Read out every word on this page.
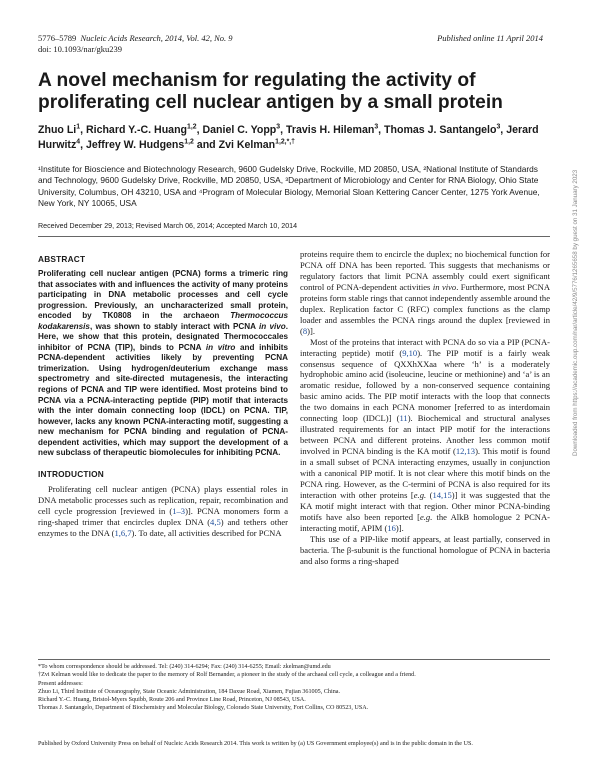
5776–5789 Nucleic Acids Research, 2014, Vol. 42, No. 9
doi: 10.1093/nar/gku239
Published online 11 April 2014
A novel mechanism for regulating the activity of proliferating cell nuclear antigen by a small protein

Zhuo Li$^1$, Richard Y.-C. Huang$^{1,2}$, Daniel C. Yopp$^3$, Travis H. Hileman$^3$, Thomas J. Santangelo$^3$, Jerard Hurwitz$^4$, Jeffrey W. Hudgens$^{1,2}$ and Zvi Kelman$^{1,2,*,\dagger}$

¹Institute for Bioscience and Biotechnology Research, 9600 Gudelsky Drive, Rockville, MD 20850, USA, ²National Institute of Standards and Technology, 9600 Gudelsky Drive, Rockville, MD 20850, USA, ³Department of Microbiology and Center for RNA Biology, Ohio State University, Columbus, OH 43210, USA and ⁴Program of Molecular Biology, Memorial Sloan Kettering Cancer Center, 1275 York Avenue, New York, NY 10065, USA
Received December 29, 2013; Revised March 06, 2014; Accepted March 10, 2014	Downloaded from https://academic.oup.com/nar/article/42/9/5776/1265658 by guest on 31 January 2023

ABSTRACT

Proliferating cell nuclear antigen (PCNA) forms a trimeric ring that associates with and influences the activity of many proteins participating in DNA metabolic processes and cell cycle progression. Previously, an uncharacterized small protein, encoded by TK0808 in the archaeon Thermococcus kodakarensis, was shown to stably interact with PCNA in vivo. Here, we show that this protein, designated Thermococcales inhibitor of PCNA (TIP), binds to PCNA in vitro and inhibits PCNA-dependent activities likely by preventing PCNA trimerization. Using hydrogen/deuterium exchange mass spectrometry and site-directed mutagenesis, the interacting regions of PCNA and TIP were identified. Most proteins bind to PCNA via a PCNA-interacting peptide (PIP) motif that interacts with the inter domain connecting loop (IDCL) on PCNA. TIP, however, lacks any known PCNA-interacting motif, suggesting a new mechanism for PCNA binding and regulation of PCNA-dependent activities, which may support the development of a new subclass of therapeutic biomolecules for inhibiting PCNA.

INTRODUCTION

Proliferating cell nuclear antigen (PCNA) plays essential roles in DNA metabolic processes such as replication, repair, recombination and cell cycle progression [reviewed in (1–3)]. PCNA monomers form a ring-shaped trimer that encircles duplex DNA (4,5) and tethers other enzymes to the DNA (1,6,7). To date, all activities described for PCNA

proteins require them to encircle the duplex; no biochemical function for PCNA off DNA has been reported. This suggests that mechanisms or regulatory factors that limit PCNA assembly could exert significant control of PCNA-dependent activities in vivo. Furthermore, most PCNA proteins form stable rings that cannot independently assemble around the duplex. Replication factor C (RFC) complex functions as the clamp loader and assembles the PCNA rings around the duplex [reviewed in (8)].

Most of the proteins that interact with PCNA do so via a PIP (PCNA-interacting peptide) motif (9,10). The PIP motif is a fairly weak consensus sequence of QXXhXXaa where ‘h’ is a moderately hydrophobic amino acid (isoleucine, leucine or methionine) and ‘a’ is an aromatic residue, followed by a non-conserved sequence containing basic amino acids. The PIP motif interacts with the loop that connects the two domains in each PCNA monomer [referred to as interdomain connecting loop (IDCL)] (11). Biochemical and structural analyses illustrated requirements for an intact PIP motif for the interactions between PCNA and different proteins. Another less common motif involved in PCNA binding is the KA motif (12,13). This motif is found in a small subset of PCNA interacting enzymes, usually in conjunction with a canonical PIP motif. It is not clear where this motif binds on the PCNA ring. However, as the C-termini of PCNA is also required for its interaction with other proteins [e.g. (14,15)] it was suggested that the KA motif might interact with that region. Other minor PCNA-binding motifs have also been reported [e.g. the AlkB homologue 2 PCNA-interacting motif, APIM (16)].

This use of a PIP-like motif appears, at least partially, conserved in bacteria. The β-subunit is the functional homologue of PCNA in bacteria and also forms a ring-shaped

*To whom correspondence should be addressed. Tel: (240) 314-6294; Fax: (240) 314-6255; Email: zkelman@umd.edu

†Zvi Kelman would like to dedicate the paper to the memory of Rolf Bernander, a pioneer in the study of the archaeal cell cycle, a colleague and a friend.

Present addresses:

Zhuo Li, Third Institute of Oceanography, State Oceanic Administration, 184 Daxue Road, Xiamen, Fujian 361005, China.

Richard Y.-C. Huang, Bristol-Myers Squibb, Route 206 and Province Line Road, Princeton, NJ 08543, USA.

Thomas J. Santangelo, Department of Biochemistry and Molecular Biology, Colorado State University, Fort Collins, CO 80523, USA.

Published by Oxford University Press on behalf of Nucleic Acids Research 2014. This work is written by (a) US Government employee(s) and is in the public domain in the US.
